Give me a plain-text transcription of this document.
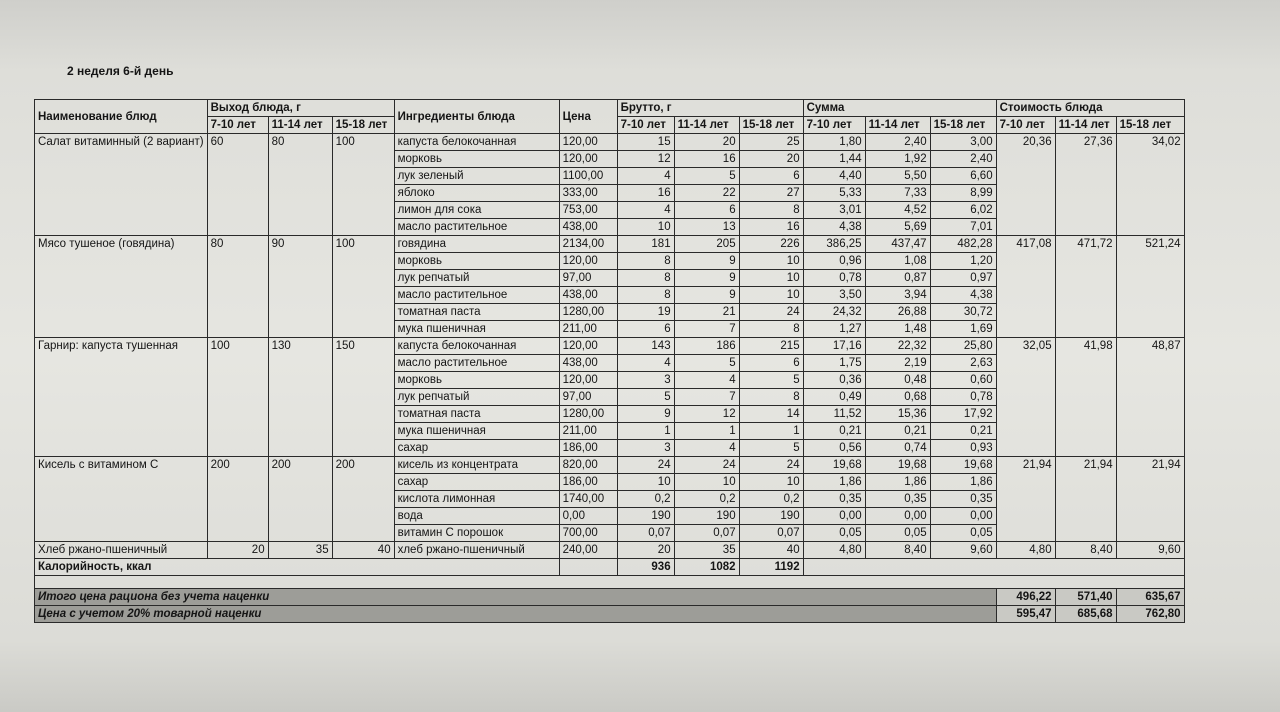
2 неделя 6-й день
Наименование блюд	Выход блюда, г			Ингредиенты блюда	Цена	Брутто, г			Сумма			Стоимость блюда		
	7-10 лет	11-14 лет	15-18 лет			7-10 лет	11-14 лет	15-18 лет	7-10 лет	11-14 лет	15-18 лет	7-10 лет	11-14 лет	15-18 лет
Салат витаминный (2 вариант)	60	80	100	капуста белокочанная	120,00	15	20	25	1,80	2,40	3,00	20,36	27,36	34,02
				морковь	120,00	12	16	20	1,44	1,92	2,40			
				лук зеленый	1100,00	4	5	6	4,40	5,50	6,60			
				яблоко	333,00	16	22	27	5,33	7,33	8,99			
				лимон для сока	753,00	4	6	8	3,01	4,52	6,02			
				масло растительное	438,00	10	13	16	4,38	5,69	7,01			
Мясо тушеное (говядина)	80	90	100	говядина	2134,00	181	205	226	386,25	437,47	482,28	417,08	471,72	521,24
				морковь	120,00	8	9	10	0,96	1,08	1,20			
				лук репчатый	97,00	8	9	10	0,78	0,87	0,97			
				масло растительное	438,00	8	9	10	3,50	3,94	4,38			
				томатная паста	1280,00	19	21	24	24,32	26,88	30,72			
				мука пшеничная	211,00	6	7	8	1,27	1,48	1,69			
Гарнир: капуста тушенная	100	130	150	капуста белокочанная	120,00	143	186	215	17,16	22,32	25,80	32,05	41,98	48,87
				масло растительное	438,00	4	5	6	1,75	2,19	2,63			
				морковь	120,00	3	4	5	0,36	0,48	0,60			
				лук репчатый	97,00	5	7	8	0,49	0,68	0,78			
				томатная паста	1280,00	9	12	14	11,52	15,36	17,92			
				мука пшеничная	211,00	1	1	1	0,21	0,21	0,21			
				сахар	186,00	3	4	5	0,56	0,74	0,93			
Кисель с витамином С	200	200	200	кисель из концентрата	820,00	24	24	24	19,68	19,68	19,68	21,94	21,94	21,94
				сахар	186,00	10	10	10	1,86	1,86	1,86			
				кислота лимонная	1740,00	0,2	0,2	0,2	0,35	0,35	0,35			
				вода	0,00	190	190	190	0,00	0,00	0,00			
				витамин С порошок	700,00	0,07	0,07	0,07	0,05	0,05	0,05			
Хлеб ржано-пшеничный	20	35	40	хлеб ржано-пшеничный	240,00	20	35	40	4,80	8,40	9,60	4,80	8,40	9,60
Калорийность, ккал						936	1082	1192						

Итого цена рациона без учета наценки												496,22	571,40	635,67
Цена с учетом 20% товарной наценки												595,47	685,68	762,80
